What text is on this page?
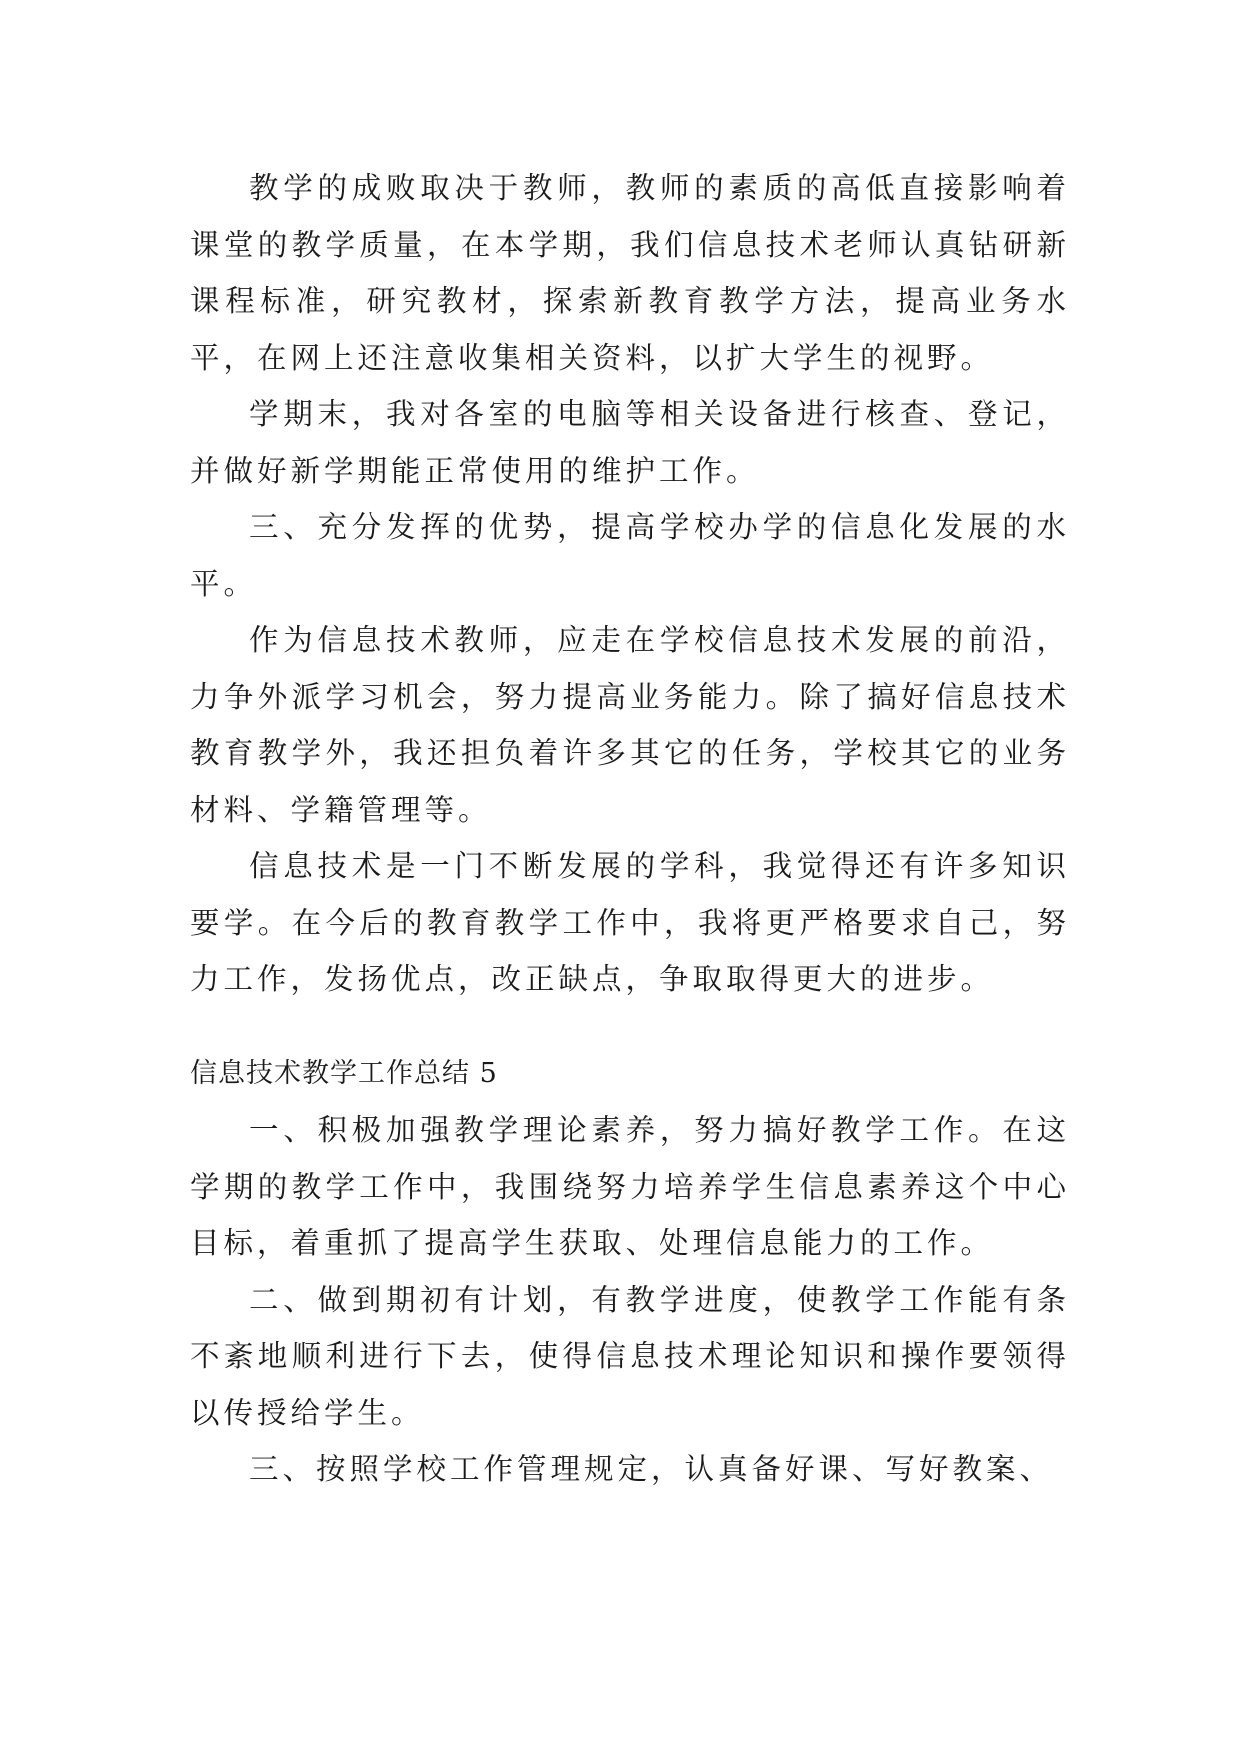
教学的成败取决于教师，教师的素质的高低直接影响着课堂的教学质量，在本学期，我们信息技术老师认真钻研新课程标准，研究教材，探索新教育教学方法，提高业务水平，在网上还注意收集相关资料，以扩大学生的视野。

学期末，我对各室的电脑等相关设备进行核查、登记，并做好新学期能正常使用的维护工作。

三、充分发挥的优势，提高学校办学的信息化发展的水平。

作为信息技术教师，应走在学校信息技术发展的前沿，力争外派学习机会，努力提高业务能力。除了搞好信息技术教育教学外，我还担负着许多其它的任务，学校其它的业务材料、学籍管理等。

信息技术是一门不断发展的学科，我觉得还有许多知识要学。在今后的教育教学工作中，我将更严格要求自己，努力工作，发扬优点，改正缺点，争取取得更大的进步。

信息技术教学工作总结 5

一、积极加强教学理论素养，努力搞好教学工作。在这学期的教学工作中，我围绕努力培养学生信息素养这个中心目标，着重抓了提高学生获取、处理信息能力的工作。

二、做到期初有计划，有教学进度，使教学工作能有条不紊地顺利进行下去，使得信息技术理论知识和操作要领得以传授给学生。

三、按照学校工作管理规定，认真备好课、写好教案、
